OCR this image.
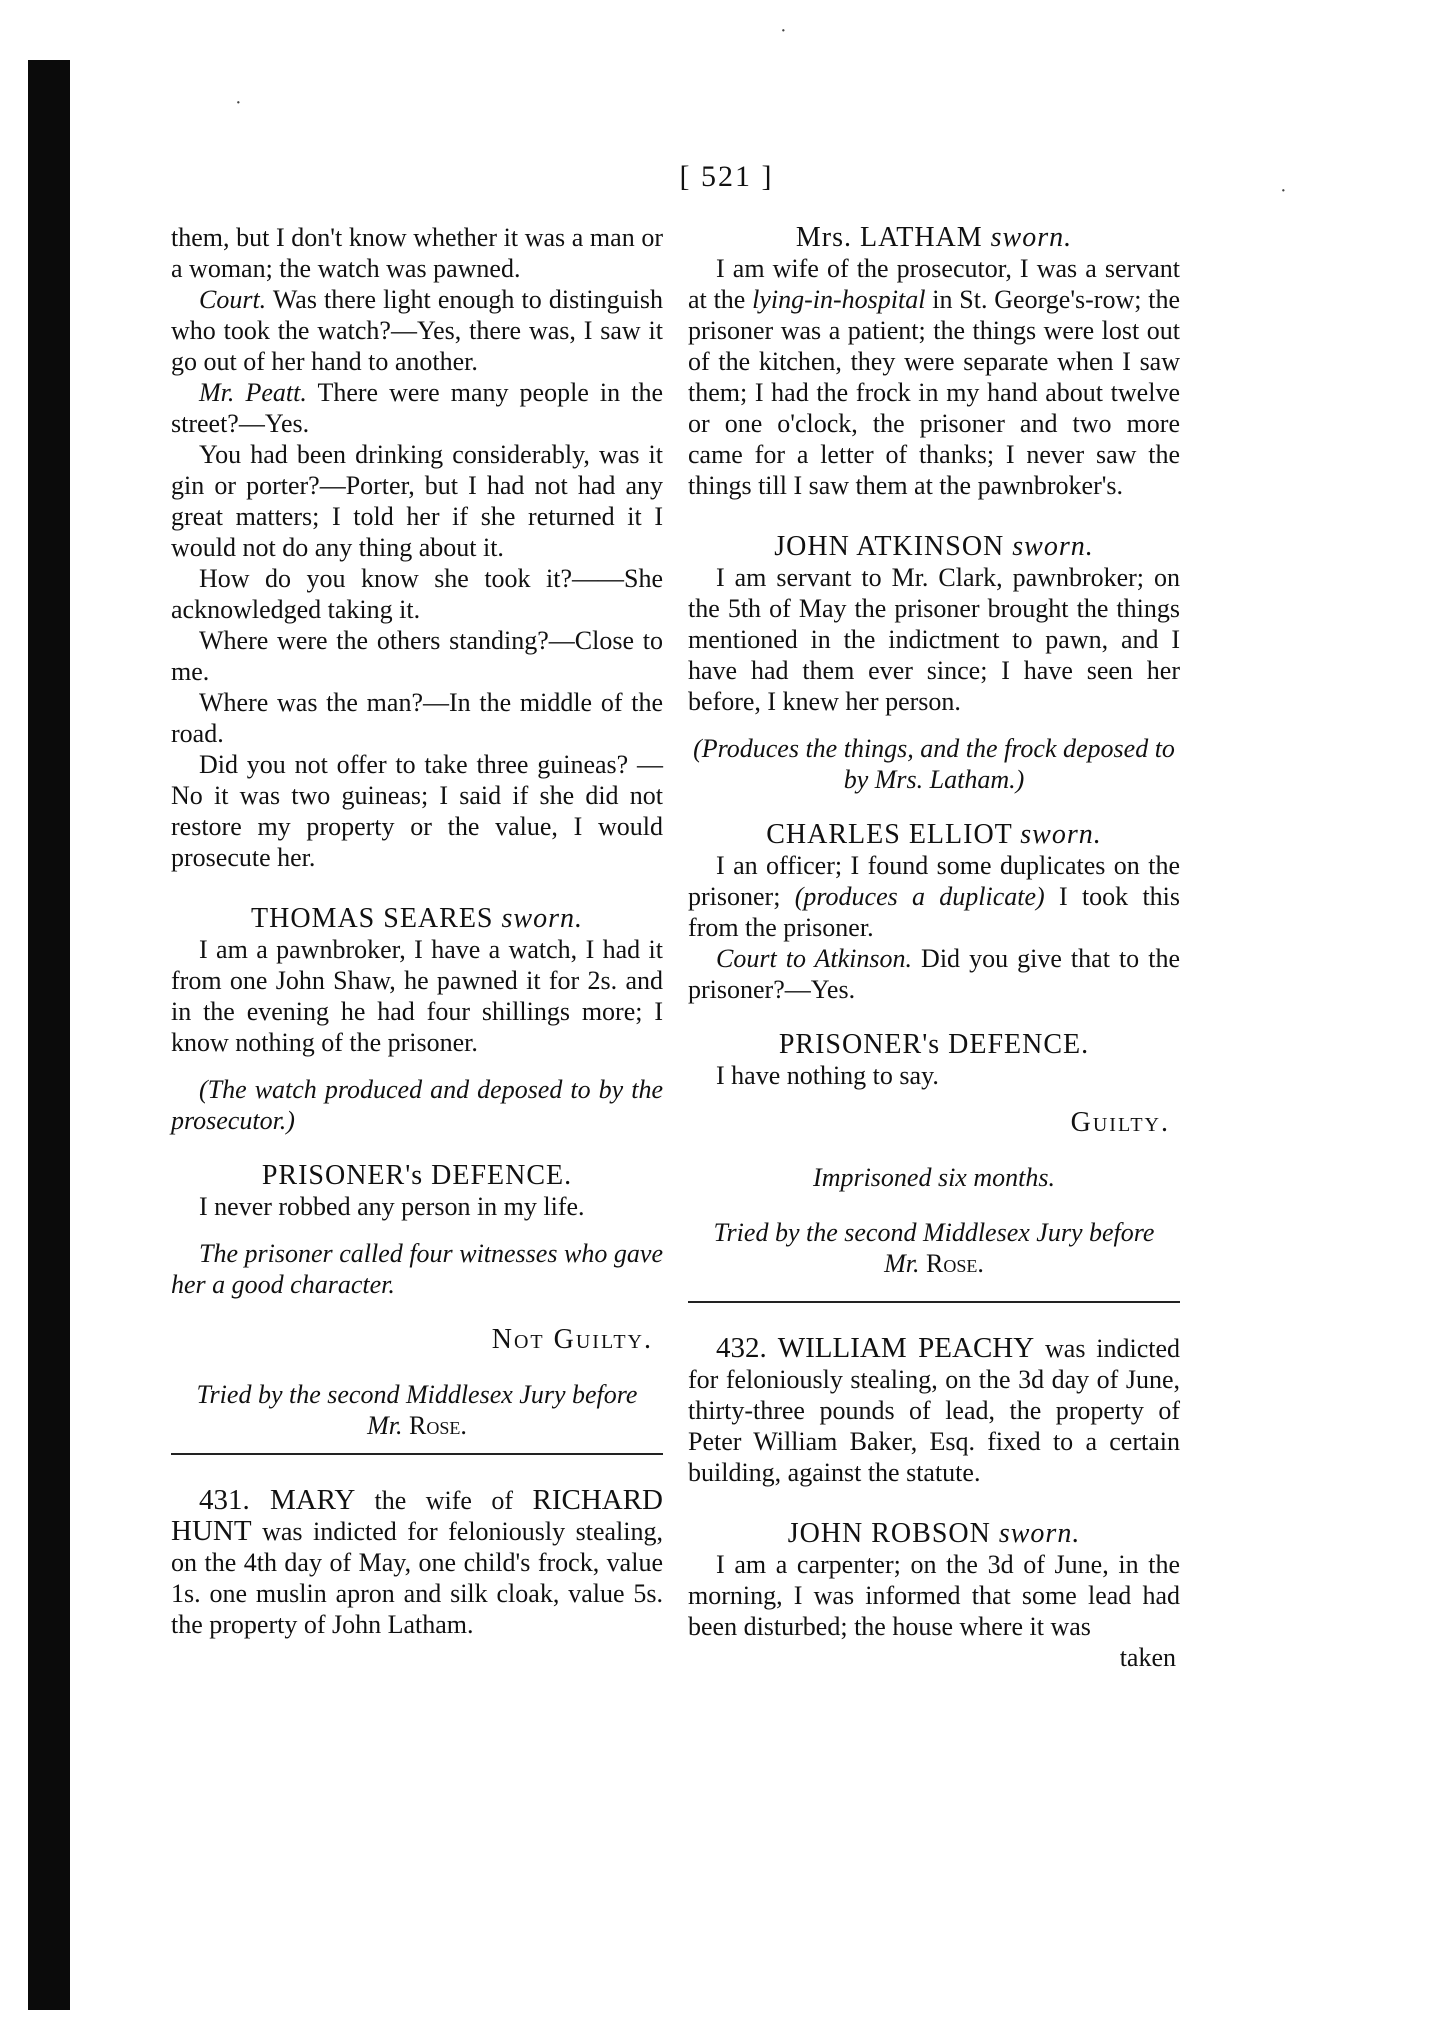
·
·
·
[ 521 ]

them, but I don't know whether it was a man or a woman; the watch was pawned.

Court. Was there light enough to distinguish who took the watch?—Yes, there was, I saw it go out of her hand to another.

Mr. Peatt. There were many people in the street?—Yes.

You had been drinking considerably, was it gin or porter?—Porter, but I had not had any great matters; I told her if she returned it I would not do any thing about it.

How do you know she took it?——She acknowledged taking it.

Where were the others standing?—Close to me.

Where was the man?—In the middle of the road.

Did you not offer to take three guineas? —No it was two guineas; I said if she did not restore my property or the value, I would prosecute her.

THOMAS SEARES sworn.

I am a pawnbroker, I have a watch, I had it from one John Shaw, he pawned it for 2s. and in the evening he had four shillings more; I know nothing of the prisoner.

(The watch produced and deposed to by the prosecutor.)

PRISONER's DEFENCE.

I never robbed any person in my life.

The prisoner called four witnesses who gave her a good character.

Not Guilty.

Tried by the second Middlesex Jury before

Mr. Rose.

431. MARY the wife of RICHARD HUNT was indicted for feloniously stealing, on the 4th day of May, one child's frock, value 1s. one muslin apron and silk cloak, value 5s. the property of John Latham.

Mrs. LATHAM sworn.

I am wife of the prosecutor, I was a servant at the lying-in-hospital in St. George's-row; the prisoner was a patient; the things were lost out of the kitchen, they were separate when I saw them; I had the frock in my hand about twelve or one o'clock, the prisoner and two more came for a letter of thanks; I never saw the things till I saw them at the pawnbroker's.

JOHN ATKINSON sworn.

I am servant to Mr. Clark, pawnbroker; on the 5th of May the prisoner brought the things mentioned in the indictment to pawn, and I have had them ever since; I have seen her before, I knew her person.

(Produces the things, and the frock deposed to by Mrs. Latham.)

CHARLES ELLIOT sworn.

I an officer; I found some duplicates on the prisoner; (produces a duplicate) I took this from the prisoner.

Court to Atkinson. Did you give that to the prisoner?—Yes.

PRISONER's DEFENCE.

I have nothing to say.

Guilty.

Imprisoned six months.

Tried by the second Middlesex Jury before

Mr. Rose.

432. WILLIAM PEACHY was indicted for feloniously stealing, on the 3d day of June, thirty-three pounds of lead, the property of Peter William Baker, Esq. fixed to a certain building, against the statute.

JOHN ROBSON sworn.

I am a carpenter; on the 3d of June, in the morning, I was informed that some lead had been disturbed; the house where it was

taken
